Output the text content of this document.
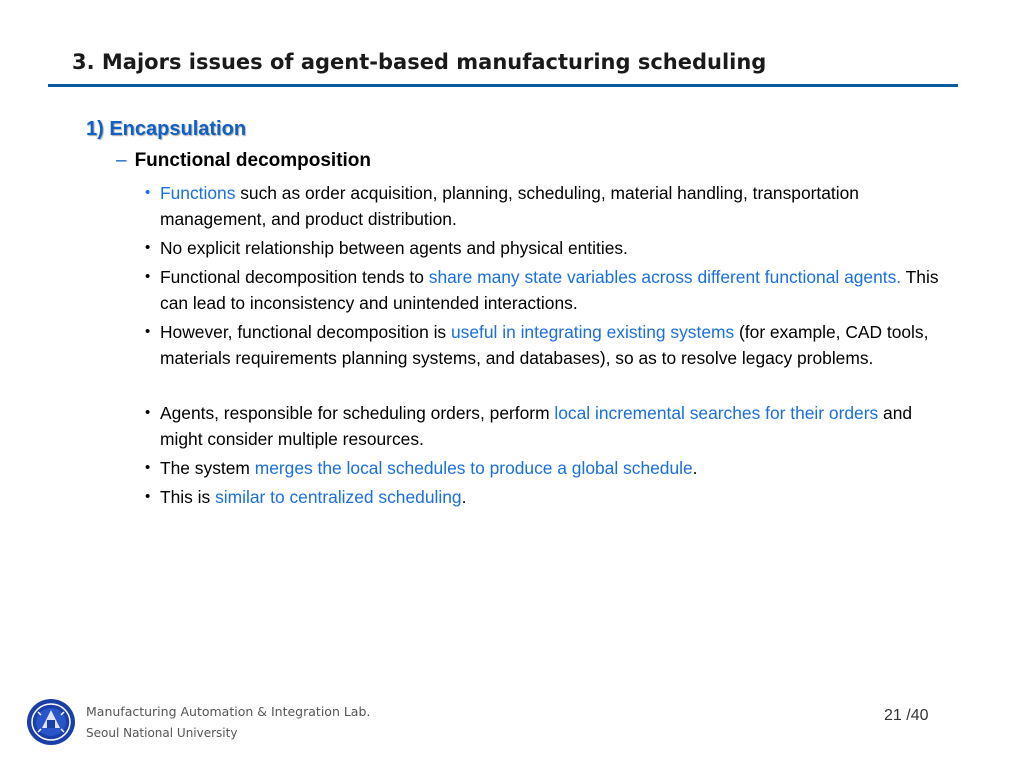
3. Majors issues of agent-based manufacturing scheduling
1) Encapsulation
– Functional decomposition
• Functions such as order acquisition, planning, scheduling, material handling, transportation management, and product distribution.
• No explicit relationship between agents and physical entities.
• Functional decomposition tends to share many state variables across different functional agents. This can lead to inconsistency and unintended interactions.
• However, functional decomposition is useful in integrating existing systems (for example, CAD tools, materials requirements planning systems, and databases), so as to resolve legacy problems.
• Agents, responsible for scheduling orders, perform local incremental searches for their orders and might consider multiple resources.
• The system merges the local schedules to produce a global schedule.
• This is similar to centralized scheduling.
Manufacturing Automation & Integration Lab.
Seoul National University
21 /40
